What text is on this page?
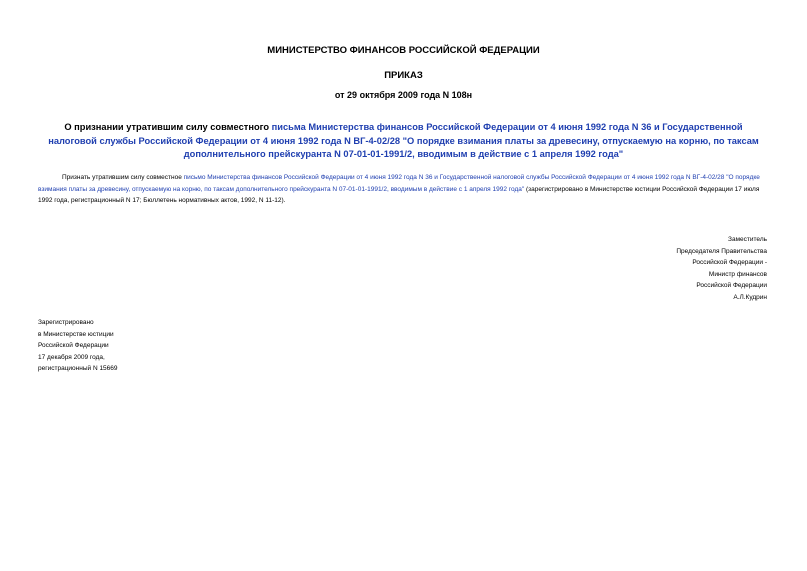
МИНИСТЕРСТВО ФИНАНСОВ РОССИЙСКОЙ ФЕДЕРАЦИИ
ПРИКАЗ
от 29 октября 2009 года N 108н
О признании утратившим силу совместного письма Министерства финансов Российской Федерации от 4 июня 1992 года N 36 и Государственной налоговой службы Российской Федерации от 4 июня 1992 года N ВГ-4-02/28 "О порядке взимания платы за древесину, отпускаемую на корню, по таксам дополнительного прейскуранта N 07-01-01-1991/2, вводимым в действие с 1 апреля 1992 года"
Признать утратившим силу совместное письмо Министерства финансов Российской Федерации от 4 июня 1992 года N 36 и Государственной налоговой службы Российской Федерации от 4 июня 1992 года N ВГ-4-02/28 "О порядке взимания платы за древесину, отпускаемую на корню, по таксам дополнительного прейскуранта N 07-01-01-1991/2, вводимым в действие с 1 апреля 1992 года" (зарегистрировано в Министерстве юстиции Российской Федерации 17 июля 1992 года, регистрационный N 17; Бюллетень нормативных актов, 1992, N 11-12).
Заместитель
Председателя Правительства
Российской Федерации -
Министр финансов
Российской Федерации
А.Л.Кудрин
Зарегистрировано
в Министерстве юстиции
Российской Федерации
17 декабря 2009 года,
регистрационный N 15669
